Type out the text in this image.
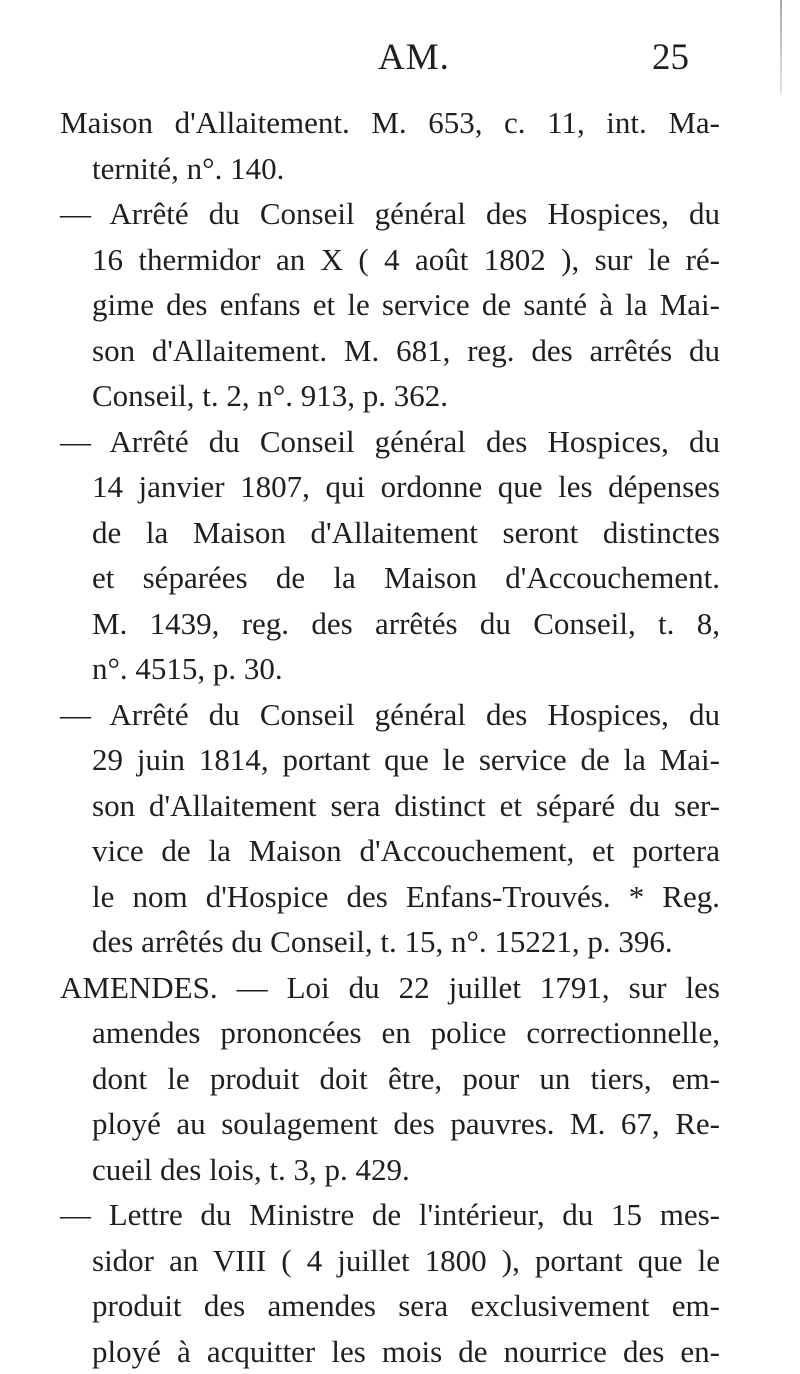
AM.	25
Maison d'Allaitement. M. 653, c. 11, int. Ma-
ternité, n°. 140.
— Arrêté du Conseil général des Hospices, du
16 thermidor an X ( 4 août 1802 ), sur le ré-
gime des enfans et le service de santé à la Mai-
son d'Allaitement. M. 681, reg. des arrêtés du
Conseil, t. 2, n°. 913, p. 362.
— Arrêté du Conseil général des Hospices, du
14 janvier 1807, qui ordonne que les dépenses
de la Maison d'Allaitement seront distinctes
et séparées de la Maison d'Accouchement.
M. 1439, reg. des arrêtés du Conseil, t. 8,
n°. 4515, p. 30.
— Arrêté du Conseil général des Hospices, du
29 juin 1814, portant que le service de la Mai-
son d'Allaitement sera distinct et séparé du ser-
vice de la Maison d'Accouchement, et portera
le nom d'Hospice des Enfans-Trouvés. * Reg.
des arrêtés du Conseil, t. 15, n°. 15221, p. 396.
AMENDES. — Loi du 22 juillet 1791, sur les
amendes prononcées en police correctionnelle,
dont le produit doit être, pour un tiers, em-
ployé au soulagement des pauvres. M. 67, Re-
cueil des lois, t. 3, p. 429.
— Lettre du Ministre de l'intérieur, du 15 mes-
sidor an VIII ( 4 juillet 1800 ), portant que le
produit des amendes sera exclusivement em-
ployé à acquitter les mois de nourrice des en-
